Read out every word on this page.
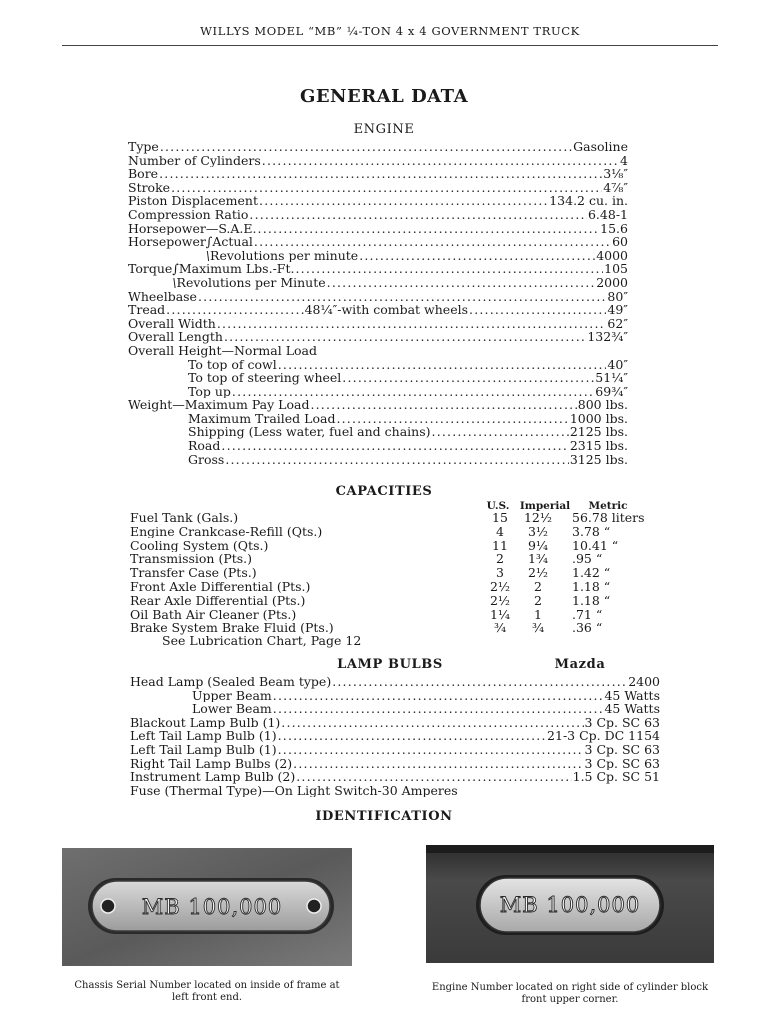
WILLYS MODEL “MB” ¼-TON 4 x 4 GOVERNMENT TRUCK
GENERAL DATA
ENGINE
Type .....	Gasoline
Number of Cylinders .....	4
Bore .....	3⅛″
Stroke .....	4⅞″
Piston Displacement .....	134.2 cu. in.
Compression Ratio .....	6.48-1
Horsepower—S.A.E. .....	15.6
Horsepower ∫ Actual .....	60
\ Revolutions per minute .....	4000
Torque ∫ Maximum Lbs.-Ft. .....	105
\ Revolutions per Minute .....	2000
Wheelbase .....	80″
Tread .....	48¼″-with combat wheels .....	49″
Overall Width .....	62″
Overall Length .....	132¾″
Overall Height—Normal Load
To top of cowl .....	40″
To top of steering wheel .....	51¼″
Top up .....	69¾″
Weight—Maximum Pay Load .....	800 lbs.
Maximum Trailed Load .....	1000 lbs.
Shipping (Less water, fuel and chains) .....	2125 lbs.
Road .....	2315 lbs.
Gross .....	3125 lbs.
CAPACITIES
U.S. Imperial	Metric
Fuel Tank (Gals.)	15	12½	56.78 liters
Engine Crankcase-Refill (Qts.)	4	3½	3.78 “
Cooling System (Qts.)	11	9¼	10.41 “
Transmission (Pts.)	2	1¾	.95 “
Transfer Case (Pts.)	3	2½	1.42 “
Front Axle Differential (Pts.)	2½	2	1.18 “
Rear Axle Differential (Pts.)	2½	2	1.18 “
Oil Bath Air Cleaner (Pts.)	1¼	1	.71 “
Brake System Brake Fluid (Pts.)	¾	¾	.36 “
See Lubrication Chart, Page 12
LAMP BULBS	Mazda
Head Lamp (Sealed Beam type) .....	2400
Upper Beam .....	45 Watts
Lower Beam .....	45 Watts
Blackout Lamp Bulb (1) .....	3 Cp. SC 63
Left Tail Lamp Bulb (1) .....	21-3 Cp. DC 1154
Left Tail Lamp Bulb (1) .....	3 Cp. SC 63
Right Tail Lamp Bulbs (2) .....	3 Cp. SC 63
Instrument Lamp Bulb (2) .....	1.5 Cp. SC 51
Fuse (Thermal Type)—On Light Switch-30 Amperes
IDENTIFICATION
MB 100,000
Chassis Serial Number located on inside of frame at
left front end.
MB 100,000
Engine Number located on right side of cylinder block
front upper corner.
